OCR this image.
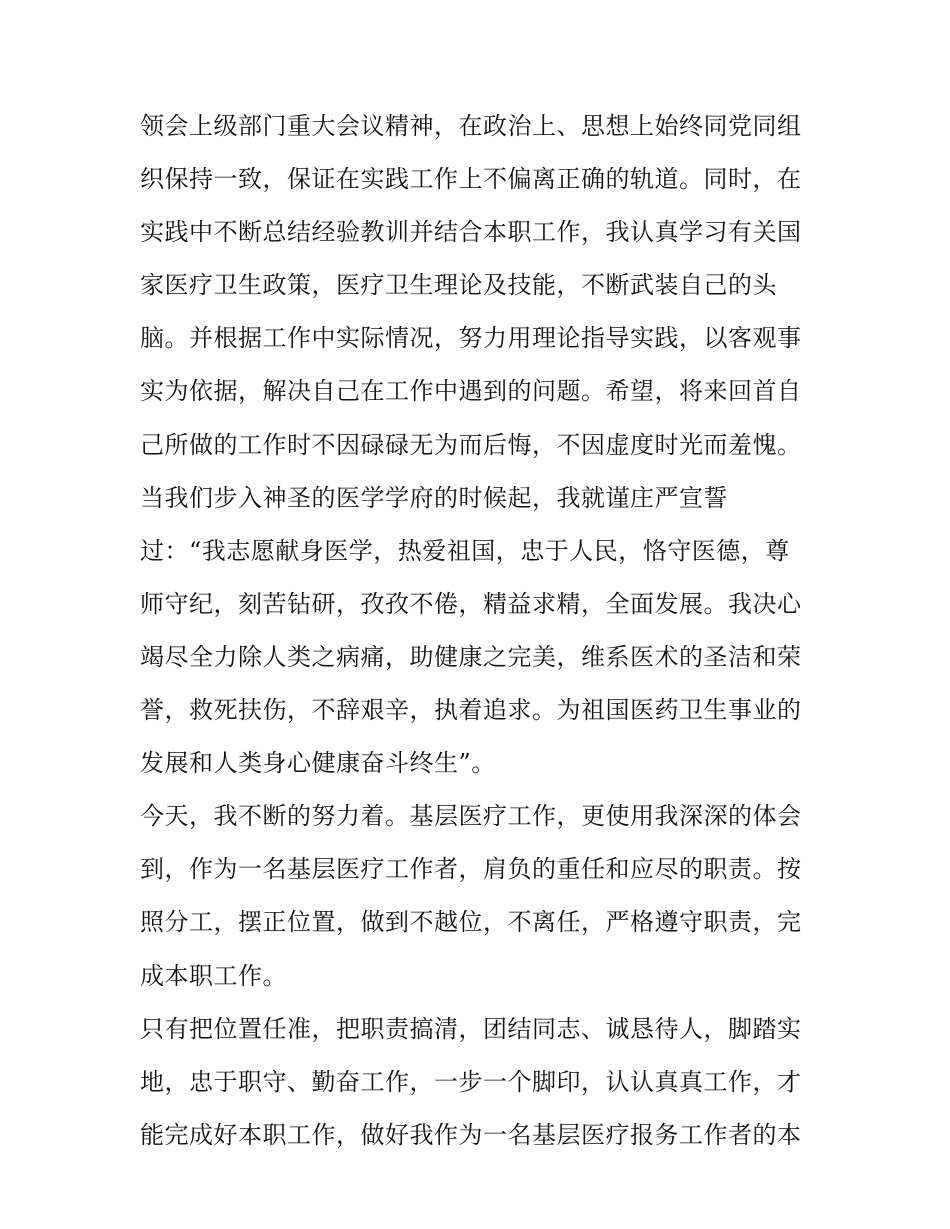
领会上级部门重大会议精神，在政治上、思想上始终同党同组
织保持一致，保证在实践工作上不偏离正确的轨道。同时，在
实践中不断总结经验教训并结合本职工作，我认真学习有关国
家医疗卫生政策，医疗卫生理论及技能，不断武装自己的头
脑。并根据工作中实际情况，努力用理论指导实践，以客观事
实为依据，解决自己在工作中遇到的问题。希望，将来回首自
己所做的工作时不因碌碌无为而后悔，不因虚度时光而羞愧。
当我们步入神圣的医学学府的时候起，我就谨庄严宣誓
过：“我志愿献身医学，热爱祖国，忠于人民，恪守医德，尊
师守纪，刻苦钻研，孜孜不倦，精益求精，全面发展。我决心
竭尽全力除人类之病痛，助健康之完美，维系医术的圣洁和荣
誉，救死扶伤，不辞艰辛，执着追求。为祖国医药卫生事业的
发展和人类身心健康奋斗终生”。
今天，我不断的努力着。基层医疗工作，更使用我深深的体会
到，作为一名基层医疗工作者，肩负的重任和应尽的职责。按
照分工，摆正位置，做到不越位，不离任，严格遵守职责，完
成本职工作。
只有把位置任准，把职责搞清，团结同志、诚恳待人，脚踏实
地，忠于职守、勤奋工作，一步一个脚印，认认真真工作，才
能完成好本职工作，做好我作为一名基层医疗报务工作者的本
